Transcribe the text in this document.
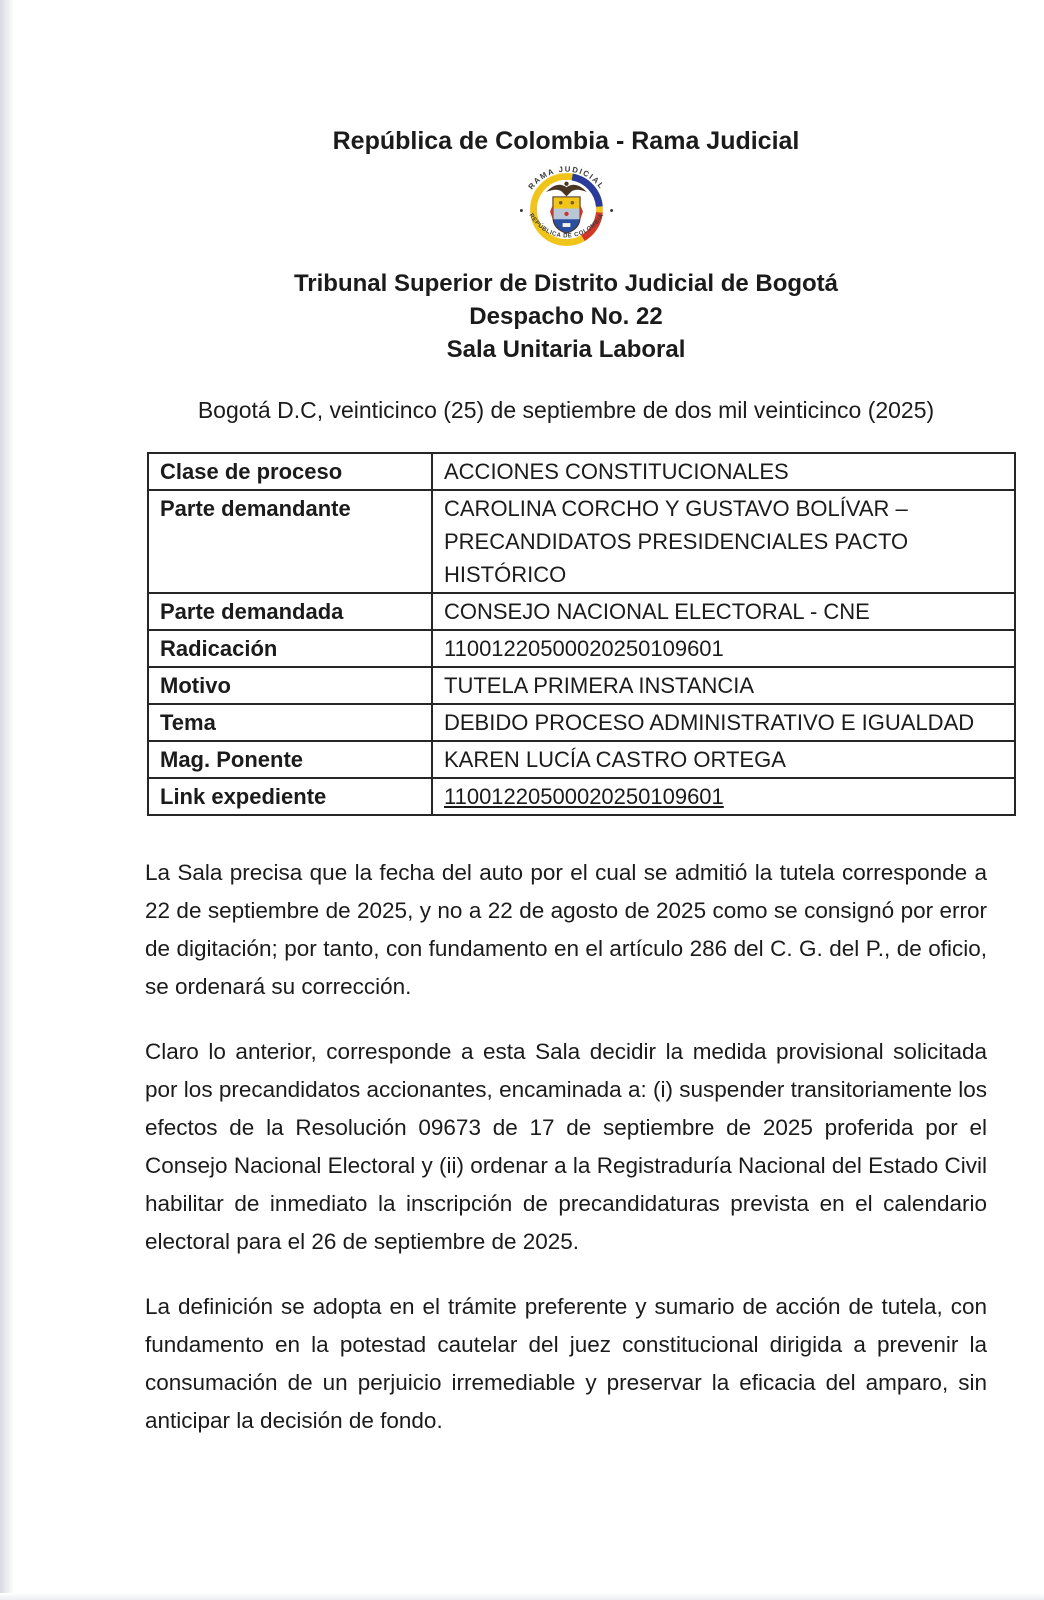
República de Colombia - Rama Judicial
RAMA JUDICIAL
REPÚBLICA DE COLOMBIA
Tribunal Superior de Distrito Judicial de Bogotá
Despacho No. 22
Sala Unitaria Laboral

Bogotá D.C, veinticinco (25) de septiembre de dos mil veinticinco (2025)

Clase de proceso	ACCIONES CONSTITUCIONALES
Parte demandante	CAROLINA CORCHO Y GUSTAVO BOLÍVAR – PRECANDIDATOS PRESIDENCIALES PACTO HISTÓRICO
Parte demandada	CONSEJO NACIONAL ELECTORAL - CNE
Radicación	11001220500020250109601
Motivo	TUTELA PRIMERA INSTANCIA
Tema	DEBIDO PROCESO ADMINISTRATIVO E IGUALDAD
Mag. Ponente	KAREN LUCÍA CASTRO ORTEGA
Link expediente	11001220500020250109601

La Sala precisa que la fecha del auto por el cual se admitió la tutela corresponde a 22 de septiembre de 2025, y no a 22 de agosto de 2025 como se consignó por error de digitación; por tanto, con fundamento en el artículo 286 del C. G. del P., de oficio, se ordenará su corrección.

Claro lo anterior, corresponde a esta Sala decidir la medida provisional solicitada por los precandidatos accionantes, encaminada a: (i) suspender transitoriamente los efectos de la Resolución 09673 de 17 de septiembre de 2025 proferida por el Consejo Nacional Electoral y (ii) ordenar a la Registraduría Nacional del Estado Civil habilitar de inmediato la inscripción de precandidaturas prevista en el calendario electoral para el 26 de septiembre de 2025.

La definición se adopta en el trámite preferente y sumario de acción de tutela, con fundamento en la potestad cautelar del juez constitucional dirigida a prevenir la consumación de un perjuicio irremediable y preservar la eficacia del amparo, sin anticipar la decisión de fondo.
